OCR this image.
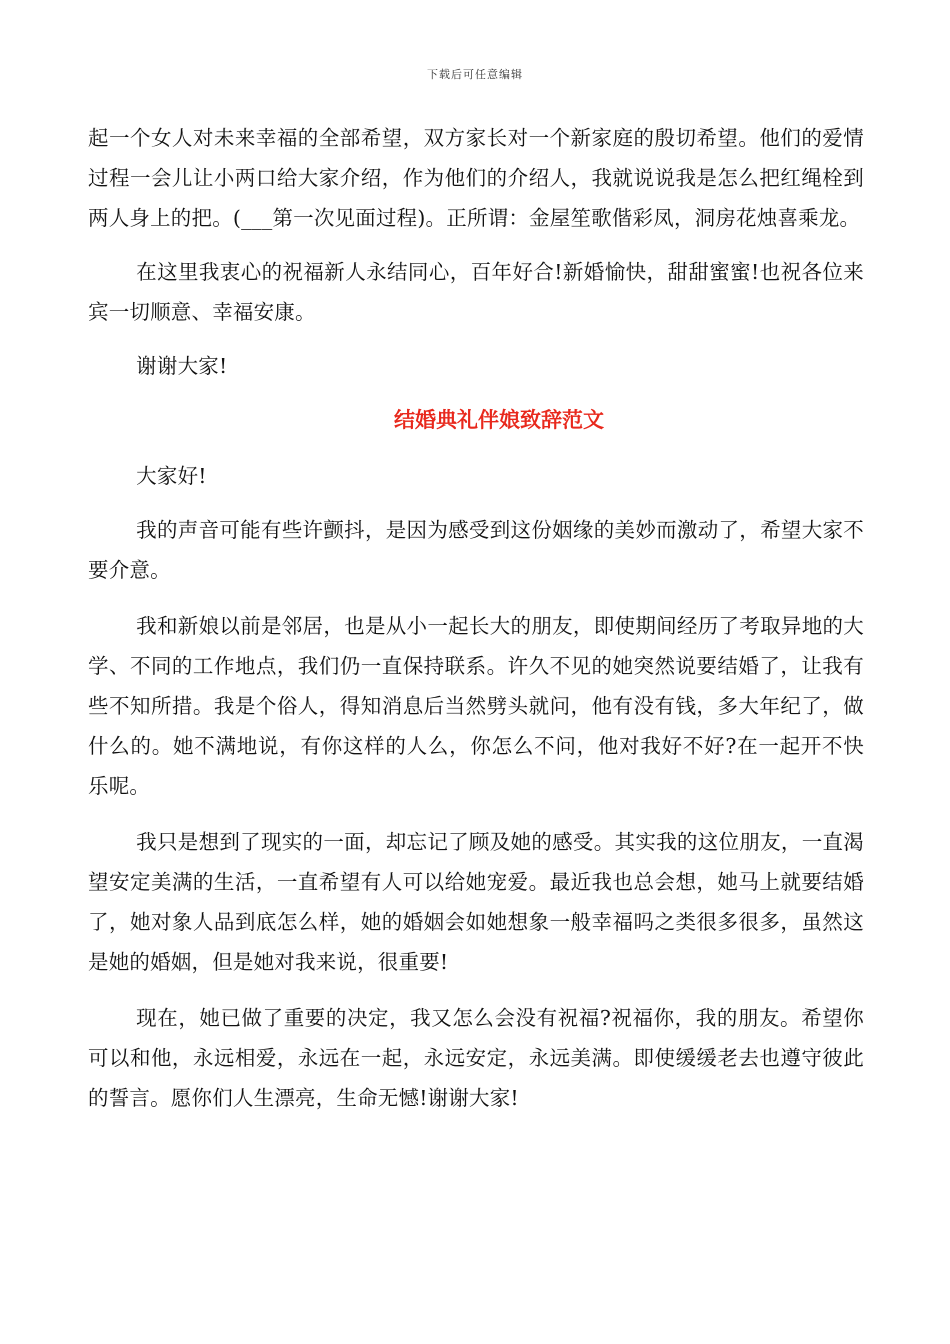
下载后可任意编辑

起一个女人对未来幸福的全部希望，双方家长对一个新家庭的殷切希望。他们的爱情过程一会儿让小两口给大家介绍，作为他们的介绍人，我就说说我是怎么把红绳栓到两人身上的把。(___第一次见面过程)。正所谓：金屋笙歌偕彩凤，洞房花烛喜乘龙。

在这里我衷心的祝福新人永结同心，百年好合!新婚愉快，甜甜蜜蜜!也祝各位来宾一切顺意、幸福安康。

谢谢大家!

结婚典礼伴娘致辞范文

大家好!

我的声音可能有些许颤抖，是因为感受到这份姻缘的美妙而激动了，希望大家不要介意。

我和新娘以前是邻居，也是从小一起长大的朋友，即使期间经历了考取异地的大学、不同的工作地点，我们仍一直保持联系。许久不见的她突然说要结婚了，让我有些不知所措。我是个俗人，得知消息后当然劈头就问，他有没有钱，多大年纪了，做什么的。她不满地说，有你这样的人么，你怎么不问，他对我好不好?在一起开不快乐呢。

我只是想到了现实的一面，却忘记了顾及她的感受。其实我的这位朋友，一直渴望安定美满的生活，一直希望有人可以给她宠爱。最近我也总会想，她马上就要结婚了，她对象人品到底怎么样，她的婚姻会如她想象一般幸福吗之类很多很多，虽然这是她的婚姻，但是她对我来说，很重要!

现在，她已做了重要的决定，我又怎么会没有祝福?祝福你，我的朋友。希望你可以和他，永远相爱，永远在一起，永远安定，永远美满。即使缓缓老去也遵守彼此的誓言。愿你们人生漂亮，生命无憾!谢谢大家!
